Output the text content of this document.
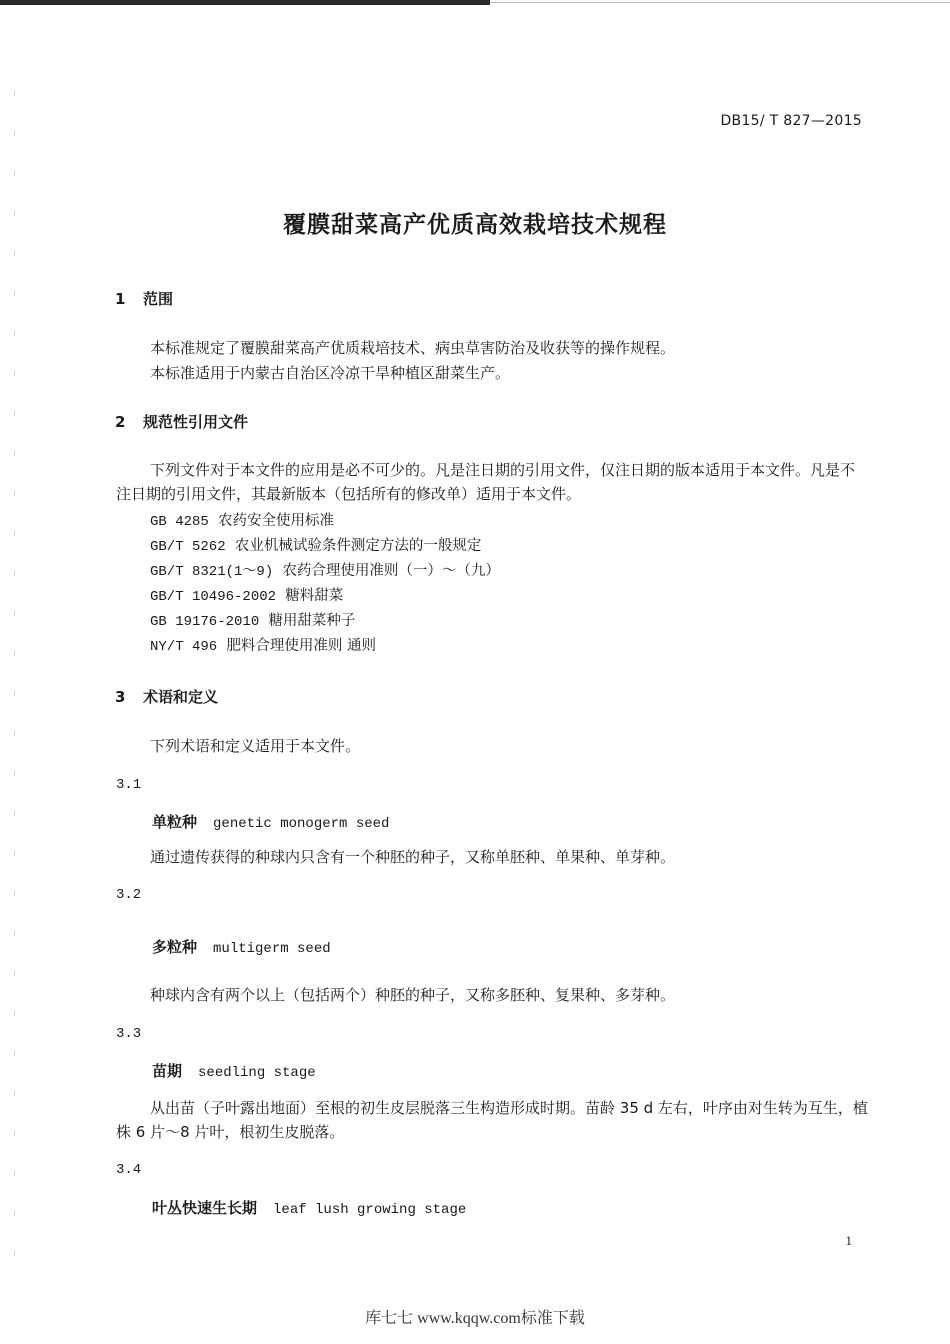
DB15/ T 827—2015
覆膜甜菜高产优质高效栽培技术规程
1 范围
本标准规定了覆膜甜菜高产优质栽培技术、病虫草害防治及收获等的操作规程。
本标准适用于内蒙古自治区冷凉干旱种植区甜菜生产。
2 规范性引用文件
下列文件对于本文件的应用是必不可少的。凡是注日期的引用文件，仅注日期的版本适用于本文件。凡是不注日期的引用文件，其最新版本（包括所有的修改单）适用于本文件。
GB 4285 农药安全使用标准
GB/T 5262 农业机械试验条件测定方法的一般规定
GB/T 8321(1～9) 农药合理使用准则（一）～（九）
GB/T 10496-2002 糖料甜菜
GB 19176-2010 糖用甜菜种子
NY/T 496 肥料合理使用准则 通则
3 术语和定义
下列术语和定义适用于本文件。
3.1
单粒种 genetic monogerm seed
通过遗传获得的种球内只含有一个种胚的种子，又称单胚种、单果种、单芽种。
3.2
多粒种 multigerm seed
种球内含有两个以上（包括两个）种胚的种子，又称多胚种、复果种、多芽种。
3.3
苗期 seedling stage
从出苗（子叶露出地面）至根的初生皮层脱落三生构造形成时期。苗龄 35 d 左右，叶序由对生转为互生，植株 6 片～8 片叶，根初生皮脱落。
3.4
叶丛快速生长期 leaf lush growing stage
1
库七七 www.kqqw.com标准下载
